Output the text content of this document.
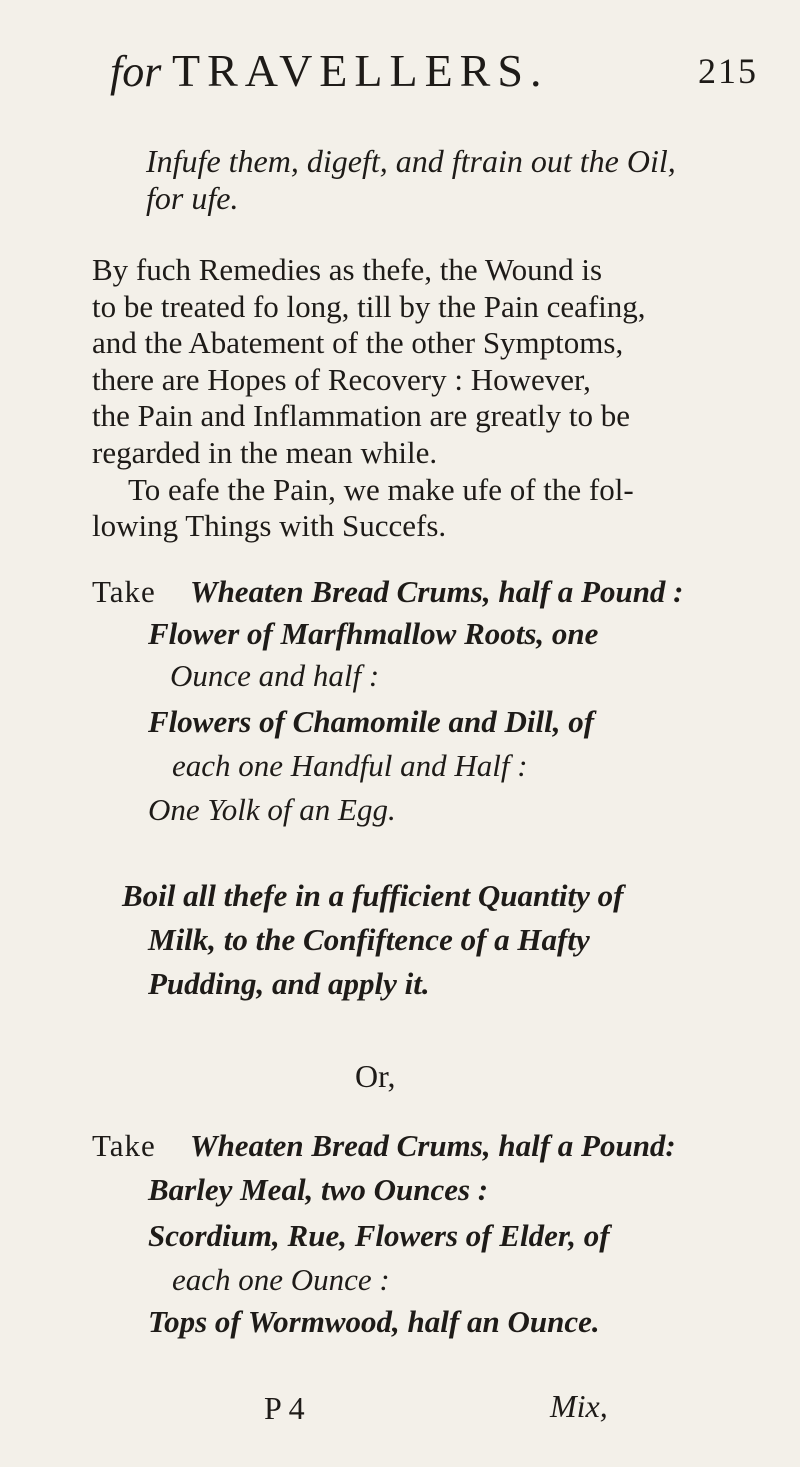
for TRAVELLERS.	215
Infufe them, digeft, and ftrain out the Oil,
for ufe.
By fuch Remedies as thefe, the Wound is
to be treated fo long, till by the Pain ceafing,
and the Abatement of the other Symptoms,
there are Hopes of Recovery : However,
the Pain and Inflammation are greatly to be
regarded in the mean while.
To eafe the Pain, we make ufe of the fol-
lowing Things with Succefs.
Take Wheaten Bread Crums, half a Pound :
Flower of Marfhmallow Roots, one
Ounce and half :
Flowers of Chamomile and Dill, of
each one Handful and Half :
One Yolk of an Egg.
Boil all thefe in a fufficient Quantity of
Milk, to the Confiftence of a Hafty
Pudding, and apply it.
Or,
Take Wheaten Bread Crums, half a Pound:
Barley Meal, two Ounces :
Scordium, Rue, Flowers of Elder, of
each one Ounce :
Tops of Wormwood, half an Ounce.
P 4	Mix,
